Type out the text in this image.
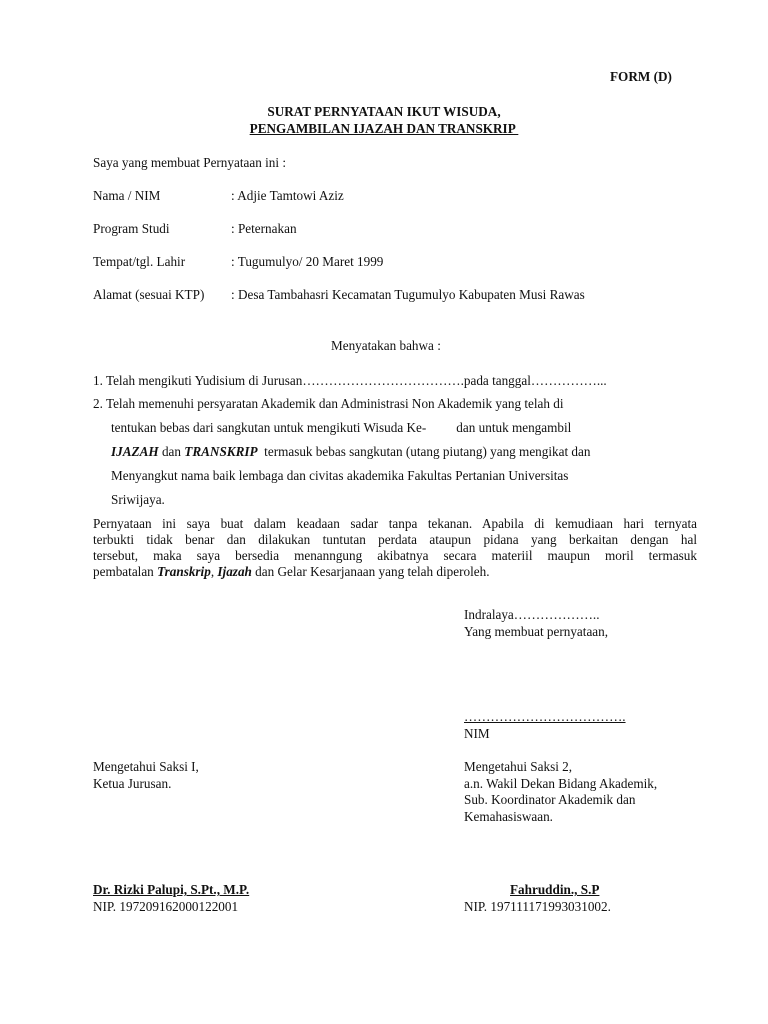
FORM (D)
SURAT PERNYATAAN IKUT WISUDA,
PENGAMBILAN IJAZAH DAN TRANSKRIP
Saya yang membuat Pernyataan ini :
Nama / NIM	: Adjie Tamtowi Aziz
Program Studi	: Peternakan
Tempat/tgl. Lahir	: Tugumulyo/ 20 Maret 1999
Alamat (sesuai KTP) : Desa Tambahasri Kecamatan Tugumulyo Kabupaten Musi Rawas
Menyatakan bahwa :
1. Telah mengikuti Yudisium di Jurusan……………………………….pada tanggal……………...
2. Telah memenuhi persyaratan Akademik dan Administrasi Non Akademik yang telah di
tentukan bebas dari sangkutan untuk mengikuti Wisuda Ke- dan untuk mengambil
IJAZAH dan TRANSKRIP  termasuk bebas sangkutan (utang piutang) yang mengikat dan
Menyangkut nama baik lembaga dan civitas akademika Fakultas Pertanian Universitas
Sriwijaya.
Pernyataan ini saya buat dalam keadaan sadar tanpa tekanan. Apabila di kemudiaan hari ternyata
terbukti tidak benar dan dilakukan tuntutan perdata ataupun pidana yang berkaitan dengan hal
tersebut, maka saya bersedia menanngung akibatnya secara materiil maupun moril termasuk
pembatalan Transkrip, Ijazah dan Gelar Kesarjanaan yang telah diperoleh.
Indralaya………………..
Yang membuat pernyataan,
……………………………….
NIM
Mengetahui Saksi I,
Ketua Jurusan.
Mengetahui Saksi 2,
a.n. Wakil Dekan Bidang Akademik,
Sub. Koordinator Akademik dan
Kemahasiswaan.
Dr. Rizki Palupi, S.Pt., M.P.
NIP. 197209162000122001
Fahruddin., S.P
NIP. 197111171993031002.
